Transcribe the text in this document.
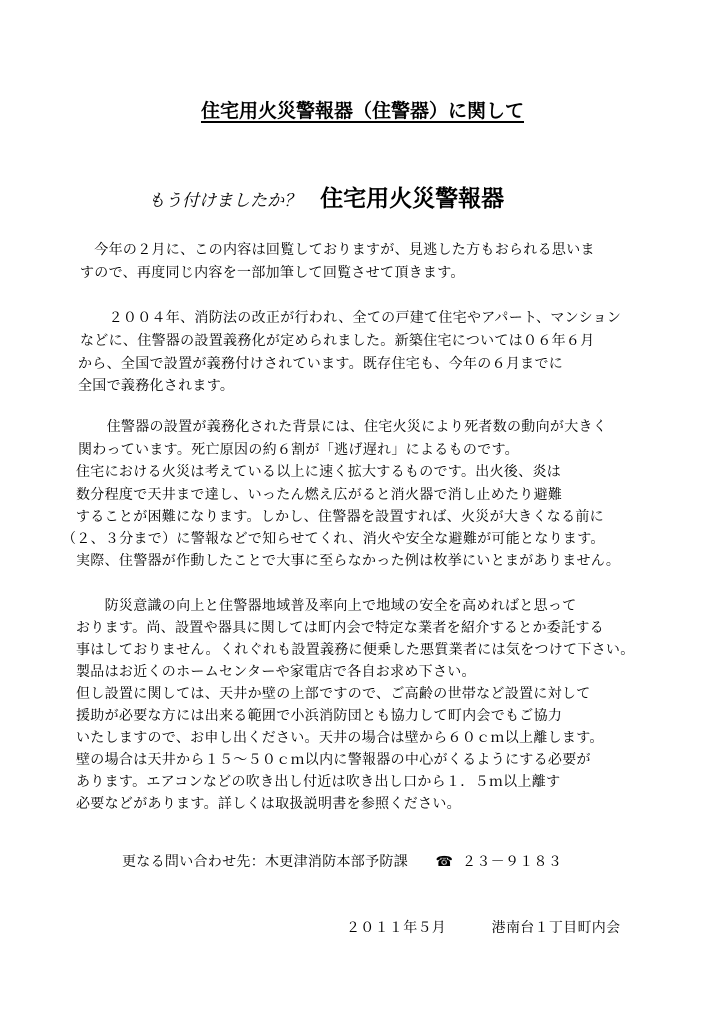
住宅用火災警報器（住警器）に関して
もう付けましたか？ 住宅用火災警報器
　今年の２月に、この内容は回覧しておりますが、見逃した方もおられる思いま
すので、再度同じ内容を一部加筆して回覧させて頂きます。
　　２００４年、消防法の改正が行われ、全ての戸建て住宅やアパート、マンション
などに、住警器の設置義務化が定められました。新築住宅については０６年６月
から、全国で設置が義務付けされています。既存住宅も、今年の６月までに
全国で義務化されます。
　　住警器の設置が義務化された背景には、住宅火災により死者数の動向が大きく
関わっています。死亡原因の約６割が「逃げ遅れ」によるものです。
住宅における火災は考えている以上に速く拡大するものです。出火後、炎は
数分程度で天井まで達し、いったん燃え広がると消火器で消し止めたり避難
することが困難になります。しかし、住警器を設置すれば、火災が大きくなる前に
（２、３分まで）に警報などで知らせてくれ、消火や安全な避難が可能となります。
実際、住警器が作動したことで大事に至らなかった例は枚挙にいとまがありません。
　　防災意識の向上と住警器地域普及率向上で地域の安全を高めればと思って
おります。尚、設置や器具に関しては町内会で特定な業者を紹介するとか委託する
事はしておりません。くれぐれも設置義務に便乗した悪質業者には気をつけて下さい。
製品はお近くのホームセンターや家電店で各自お求め下さい。
但し設置に関しては、天井か壁の上部ですので、ご高齢の世帯など設置に対して
援助が必要な方には出来る範囲で小浜消防団とも協力して町内会でもご協力
いたしますので、お申し出ください。天井の場合は壁から６０ｃｍ以上離します。
壁の場合は天井から１５～５０ｃｍ以内に警報器の中心がくるようにする必要が
あります。エアコンなどの吹き出し付近は吹き出し口から１．５ｍ以上離す
必要などがあります。詳しくは取扱説明書を参照ください。
更なる問い合わせ先：木更津消防本部予防課 ☎ ２３－９１８３
２０１１年５月	港南台１丁目町内会
